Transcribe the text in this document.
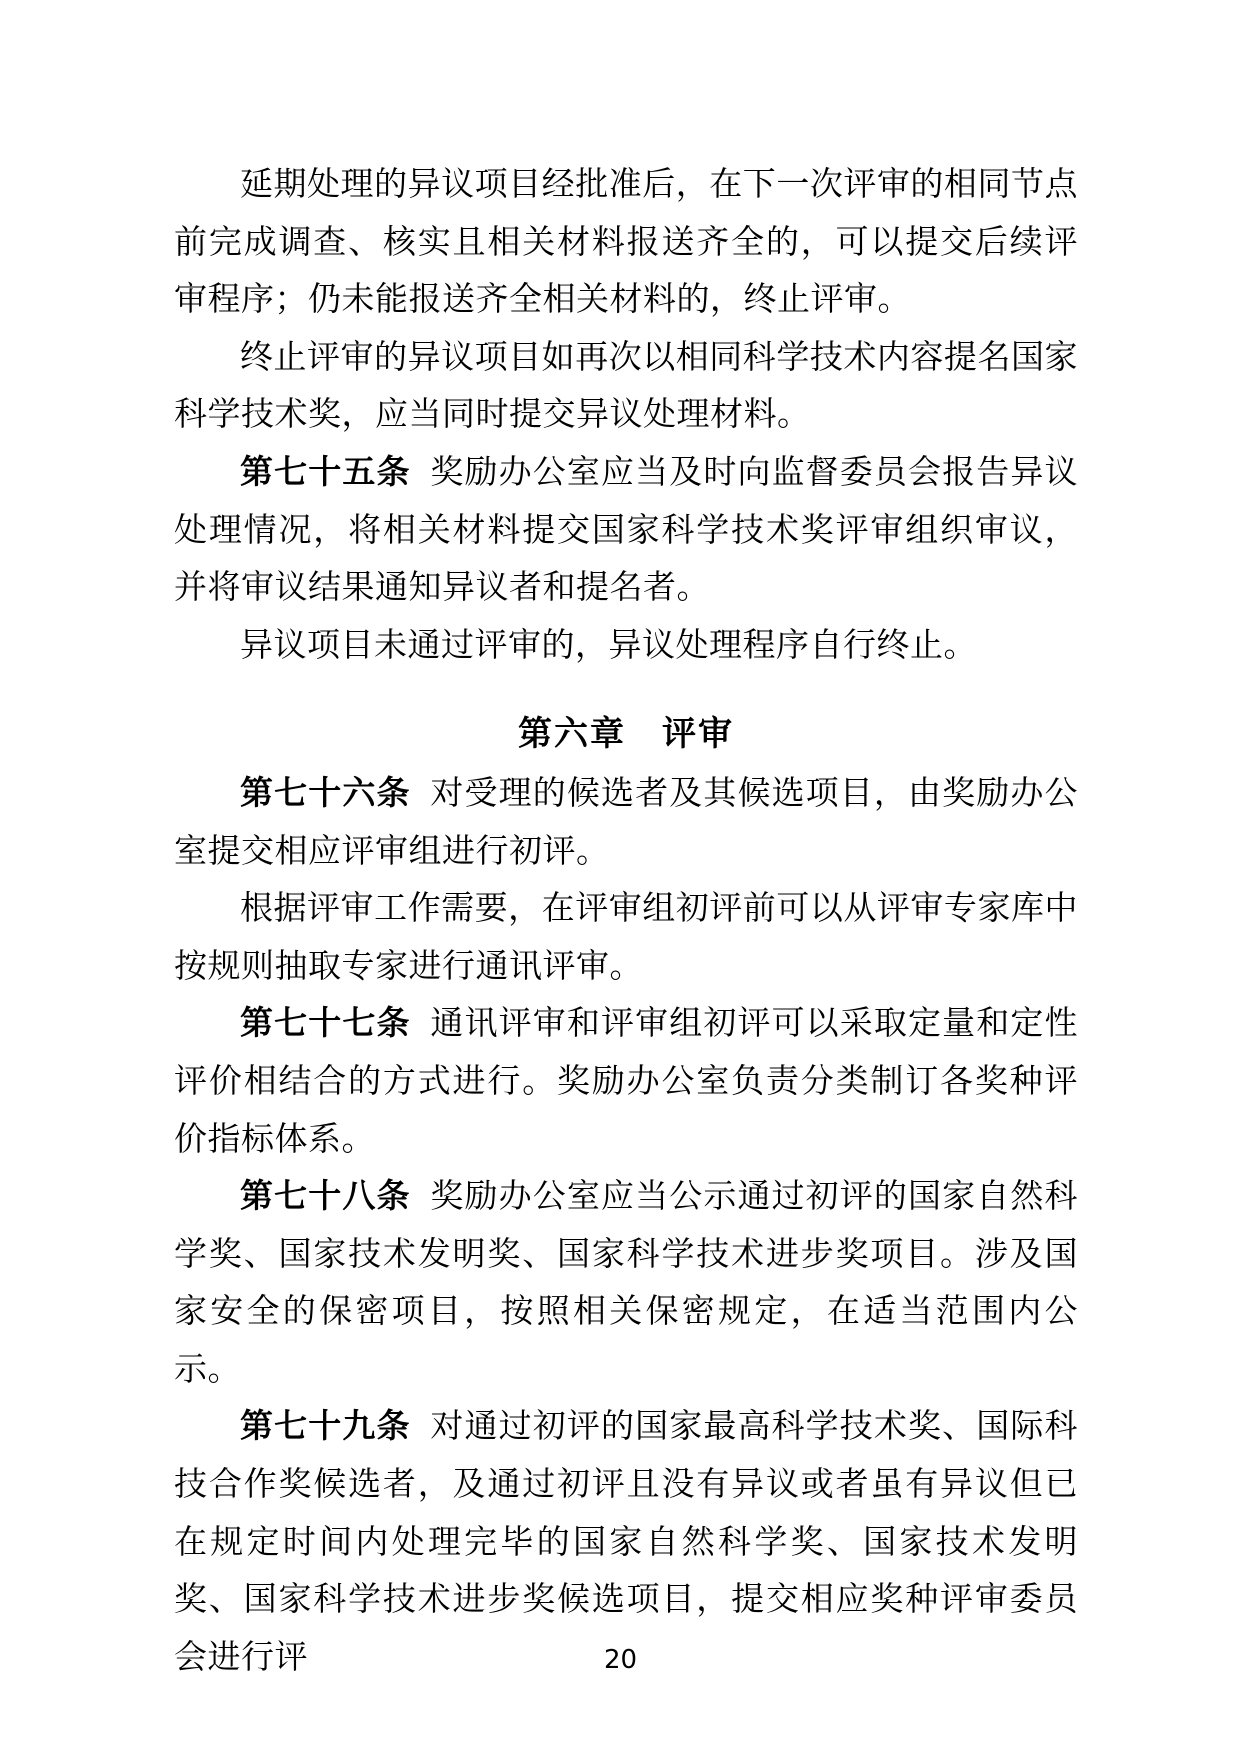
延期处理的异议项目经批准后，在下一次评审的相同节点前完成调查、核实且相关材料报送齐全的，可以提交后续评审程序；仍未能报送齐全相关材料的，终止评审。

终止评审的异议项目如再次以相同科学技术内容提名国家科学技术奖，应当同时提交异议处理材料。

第七十五条 奖励办公室应当及时向监督委员会报告异议处理情况，将相关材料提交国家科学技术奖评审组织审议，并将审议结果通知异议者和提名者。

异议项目未通过评审的，异议处理程序自行终止。

第六章　评审

第七十六条 对受理的候选者及其候选项目，由奖励办公室提交相应评审组进行初评。

根据评审工作需要，在评审组初评前可以从评审专家库中按规则抽取专家进行通讯评审。

第七十七条 通讯评审和评审组初评可以采取定量和定性评价相结合的方式进行。奖励办公室负责分类制订各奖种评价指标体系。

第七十八条 奖励办公室应当公示通过初评的国家自然科学奖、国家技术发明奖、国家科学技术进步奖项目。涉及国家安全的保密项目，按照相关保密规定，在适当范围内公示。

第七十九条 对通过初评的国家最高科学技术奖、国际科技合作奖候选者，及通过初评且没有异议或者虽有异议但已在规定时间内处理完毕的国家自然科学奖、国家技术发明奖、国家科学技术进步奖候选项目，提交相应奖种评审委员会进行评	20
